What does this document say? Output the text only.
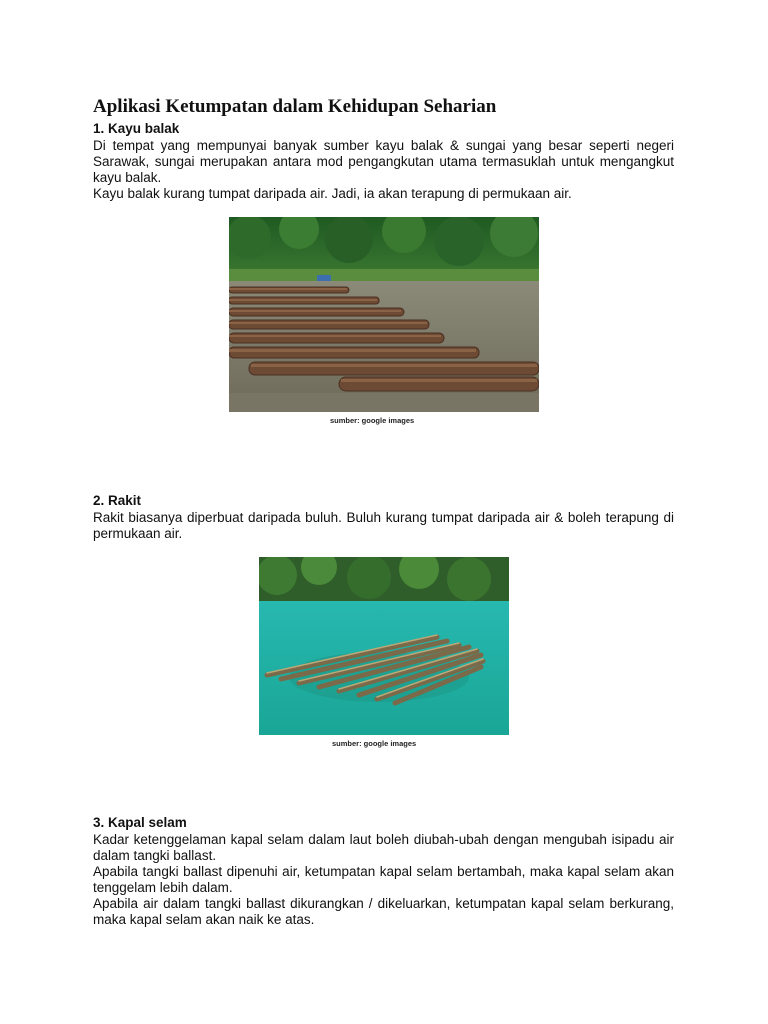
Aplikasi Ketumpatan dalam Kehidupan Seharian
1. Kayu balak

Di tempat yang mempunyai banyak sumber kayu balak & sungai yang besar seperti negeri Sarawak, sungai merupakan antara mod pengangkutan utama termasuklah untuk mengangkut kayu balak.

Kayu balak kurang tumpat daripada air. Jadi, ia akan terapung di permukaan air.

sumber: google images
2. Rakit

Rakit biasanya diperbuat daripada buluh. Buluh kurang tumpat daripada air & boleh terapung di permukaan air.

sumber: google images
3. Kapal selam

Kadar ketenggelaman kapal selam dalam laut boleh diubah-ubah dengan mengubah isipadu air dalam tangki ballast.

Apabila tangki ballast dipenuhi air, ketumpatan kapal selam bertambah, maka kapal selam akan tenggelam lebih dalam.

Apabila air dalam tangki ballast dikurangkan / dikeluarkan, ketumpatan kapal selam berkurang, maka kapal selam akan naik ke atas.
